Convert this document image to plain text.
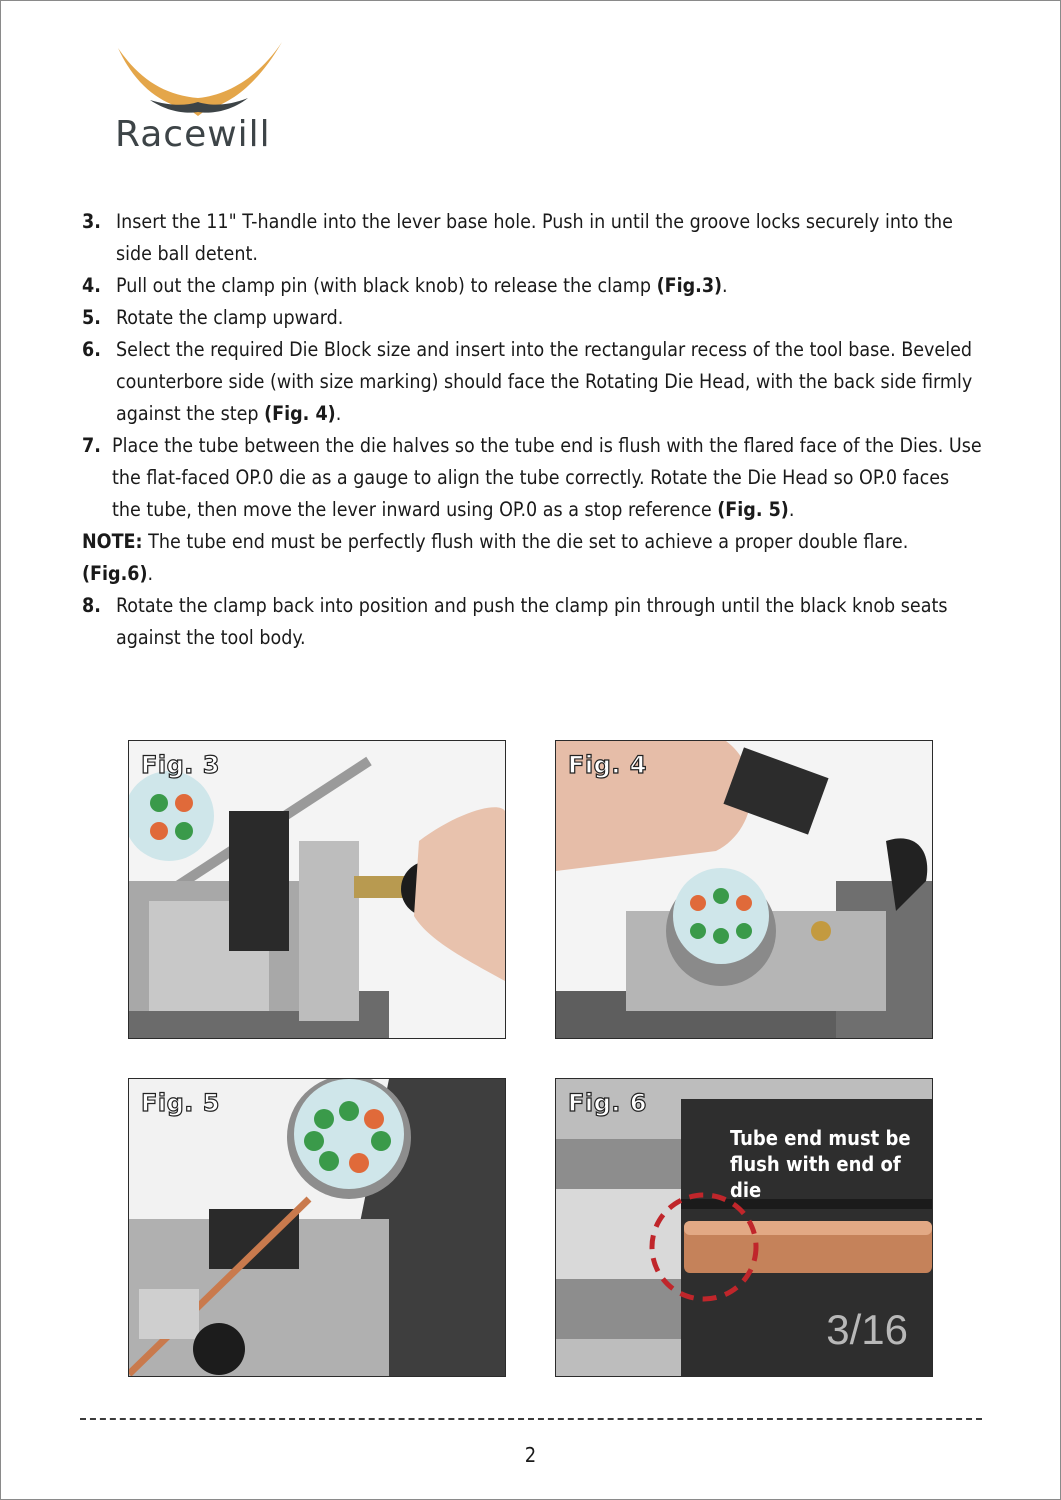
Racewill
3. Insert the 11" T-handle into the lever base hole. Push in until the groove locks securely into the side ball detent.
4. Pull out the clamp pin (with black knob) to release the clamp (Fig.3).
5. Rotate the clamp upward.
6. Select the required Die Block size and insert into the rectangular recess of the tool base. Beveled counterbore side (with size marking) should face the Rotating Die Head, with the back side firmly against the step (Fig. 4).
7. Place the tube between the die halves so the tube end is flush with the flared face of the Dies. Use the flat-faced OP.0 die as a gauge to align the tube correctly. Rotate the Die Head so OP.0 faces the tube, then move the lever inward using OP.0 as a stop reference (Fig. 5).
NOTE: The tube end must be perfectly flush with the die set to achieve a proper double flare. (Fig.6).
8. Rotate the clamp back into position and push the clamp pin through until the black knob seats against the tool body.
Fig. 3	Fig. 4
Fig. 5	Fig. 6
Tube end must be
flush with end of die
3/16
2
